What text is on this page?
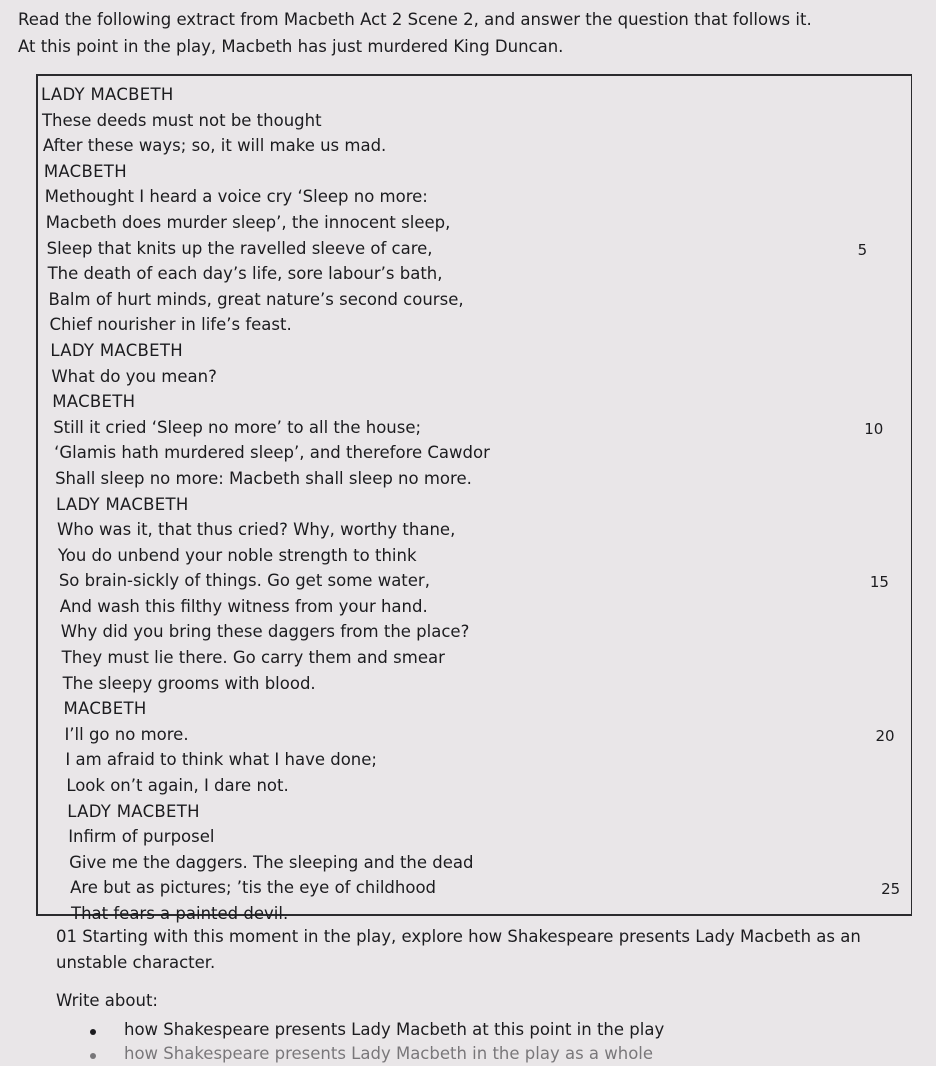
Read the following extract from Macbeth Act 2 Scene 2, and answer the question that follows it.
At this point in the play, Macbeth has just murdered King Duncan.
LADY MACBETH
These deeds must not be thought
After these ways; so, it will make us mad.
MACBETH
Methought I heard a voice cry ‘Sleep no more:
Macbeth does murder sleep’, the innocent sleep,
Sleep that knits up the ravelled sleeve of care,	5
The death of each day’s life, sore labour’s bath,
Balm of hurt minds, great nature’s second course,
Chief nourisher in life’s feast.
LADY MACBETH
What do you mean?
MACBETH
Still it cried ‘Sleep no more’ to all the house;	10
‘Glamis hath murdered sleep’, and therefore Cawdor
Shall sleep no more: Macbeth shall sleep no more.
LADY MACBETH
Who was it, that thus cried? Why, worthy thane,
You do unbend your noble strength to think
So brain-sickly of things. Go get some water,	15
And wash this filthy witness from your hand.
Why did you bring these daggers from the place?
They must lie there. Go carry them and smear
The sleepy grooms with blood.
MACBETH
I’ll go no more.	20
I am afraid to think what I have done;
Look on’t again, I dare not.
LADY MACBETH
Infirm of purposel
Give me the daggers. The sleeping and the dead
Are but as pictures; ’tis the eye of childhood	25
That fears a painted devil.

01 Starting with this moment in the play, explore how Shakespeare presents Lady Macbeth as an unstable character.

Write about:
how Shakespeare presents Lady Macbeth at this point in the play
how Shakespeare presents Lady Macbeth in the play as a whole
